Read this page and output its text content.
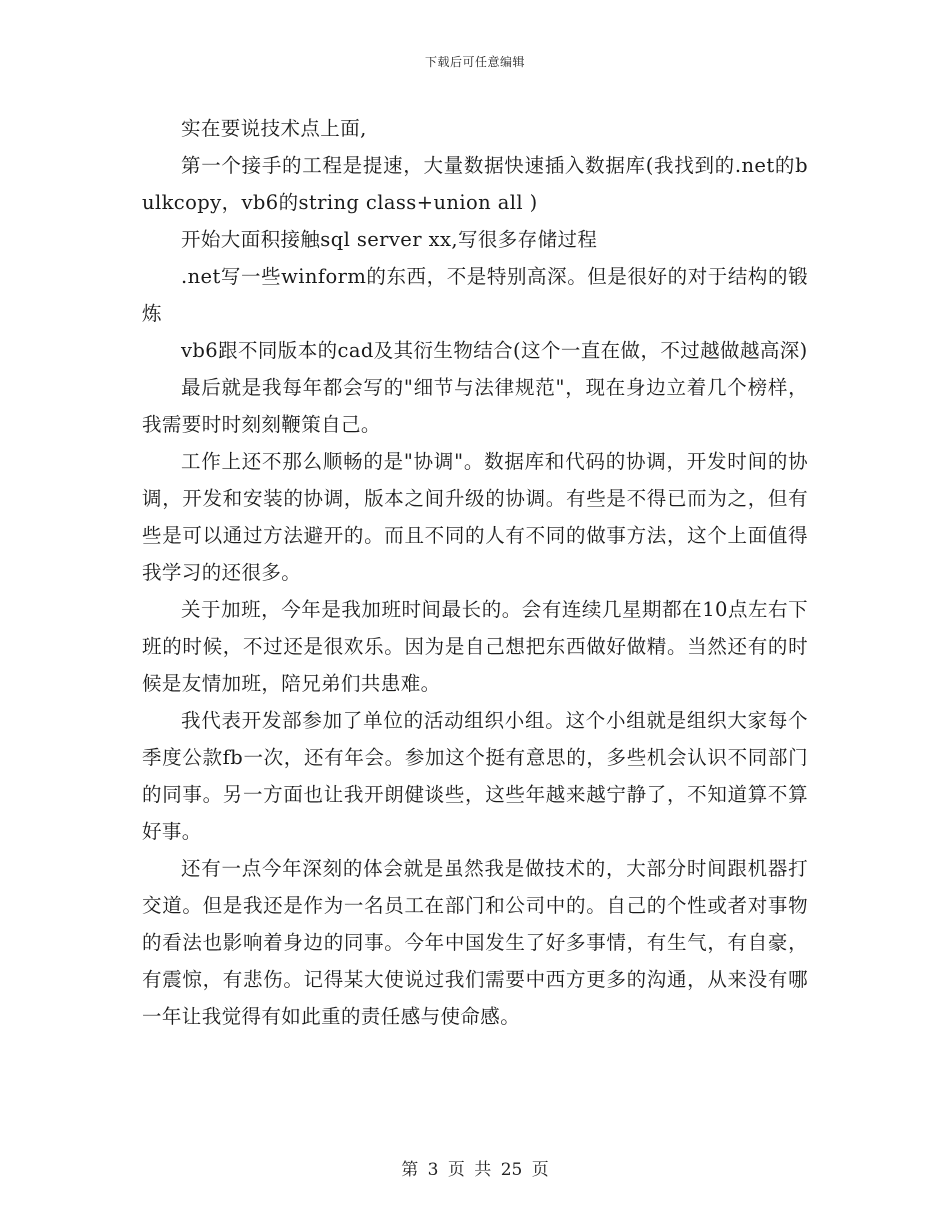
下载后可任意编辑

实在要说技术点上面,

第一个接手的工程是提速，大量数据快速插入数据库(我找到的.net的bulkcopy，vb6的string class+union all )

开始大面积接触sql server xx,写很多存储过程

.net写一些winform的东西，不是特别高深。但是很好的对于结构的锻炼

vb6跟不同版本的cad及其衍生物结合(这个一直在做，不过越做越高深)

最后就是我每年都会写的"细节与法律规范"，现在身边立着几个榜样，我需要时时刻刻鞭策自己。

工作上还不那么顺畅的是"协调"。数据库和代码的协调，开发时间的协调，开发和安装的协调，版本之间升级的协调。有些是不得已而为之，但有些是可以通过方法避开的。而且不同的人有不同的做事方法，这个上面值得我学习的还很多。

关于加班，今年是我加班时间最长的。会有连续几星期都在10点左右下班的时候，不过还是很欢乐。因为是自己想把东西做好做精。当然还有的时候是友情加班，陪兄弟们共患难。

我代表开发部参加了单位的活动组织小组。这个小组就是组织大家每个季度公款fb一次，还有年会。参加这个挺有意思的，多些机会认识不同部门的同事。另一方面也让我开朗健谈些，这些年越来越宁静了，不知道算不算好事。

还有一点今年深刻的体会就是虽然我是做技术的，大部分时间跟机器打交道。但是我还是作为一名员工在部门和公司中的。自己的个性或者对事物的看法也影响着身边的同事。今年中国发生了好多事情，有生气，有自豪，有震惊，有悲伤。记得某大使说过我们需要中西方更多的沟通，从来没有哪一年让我觉得有如此重的责任感与使命感。

第 3 页 共 25 页
